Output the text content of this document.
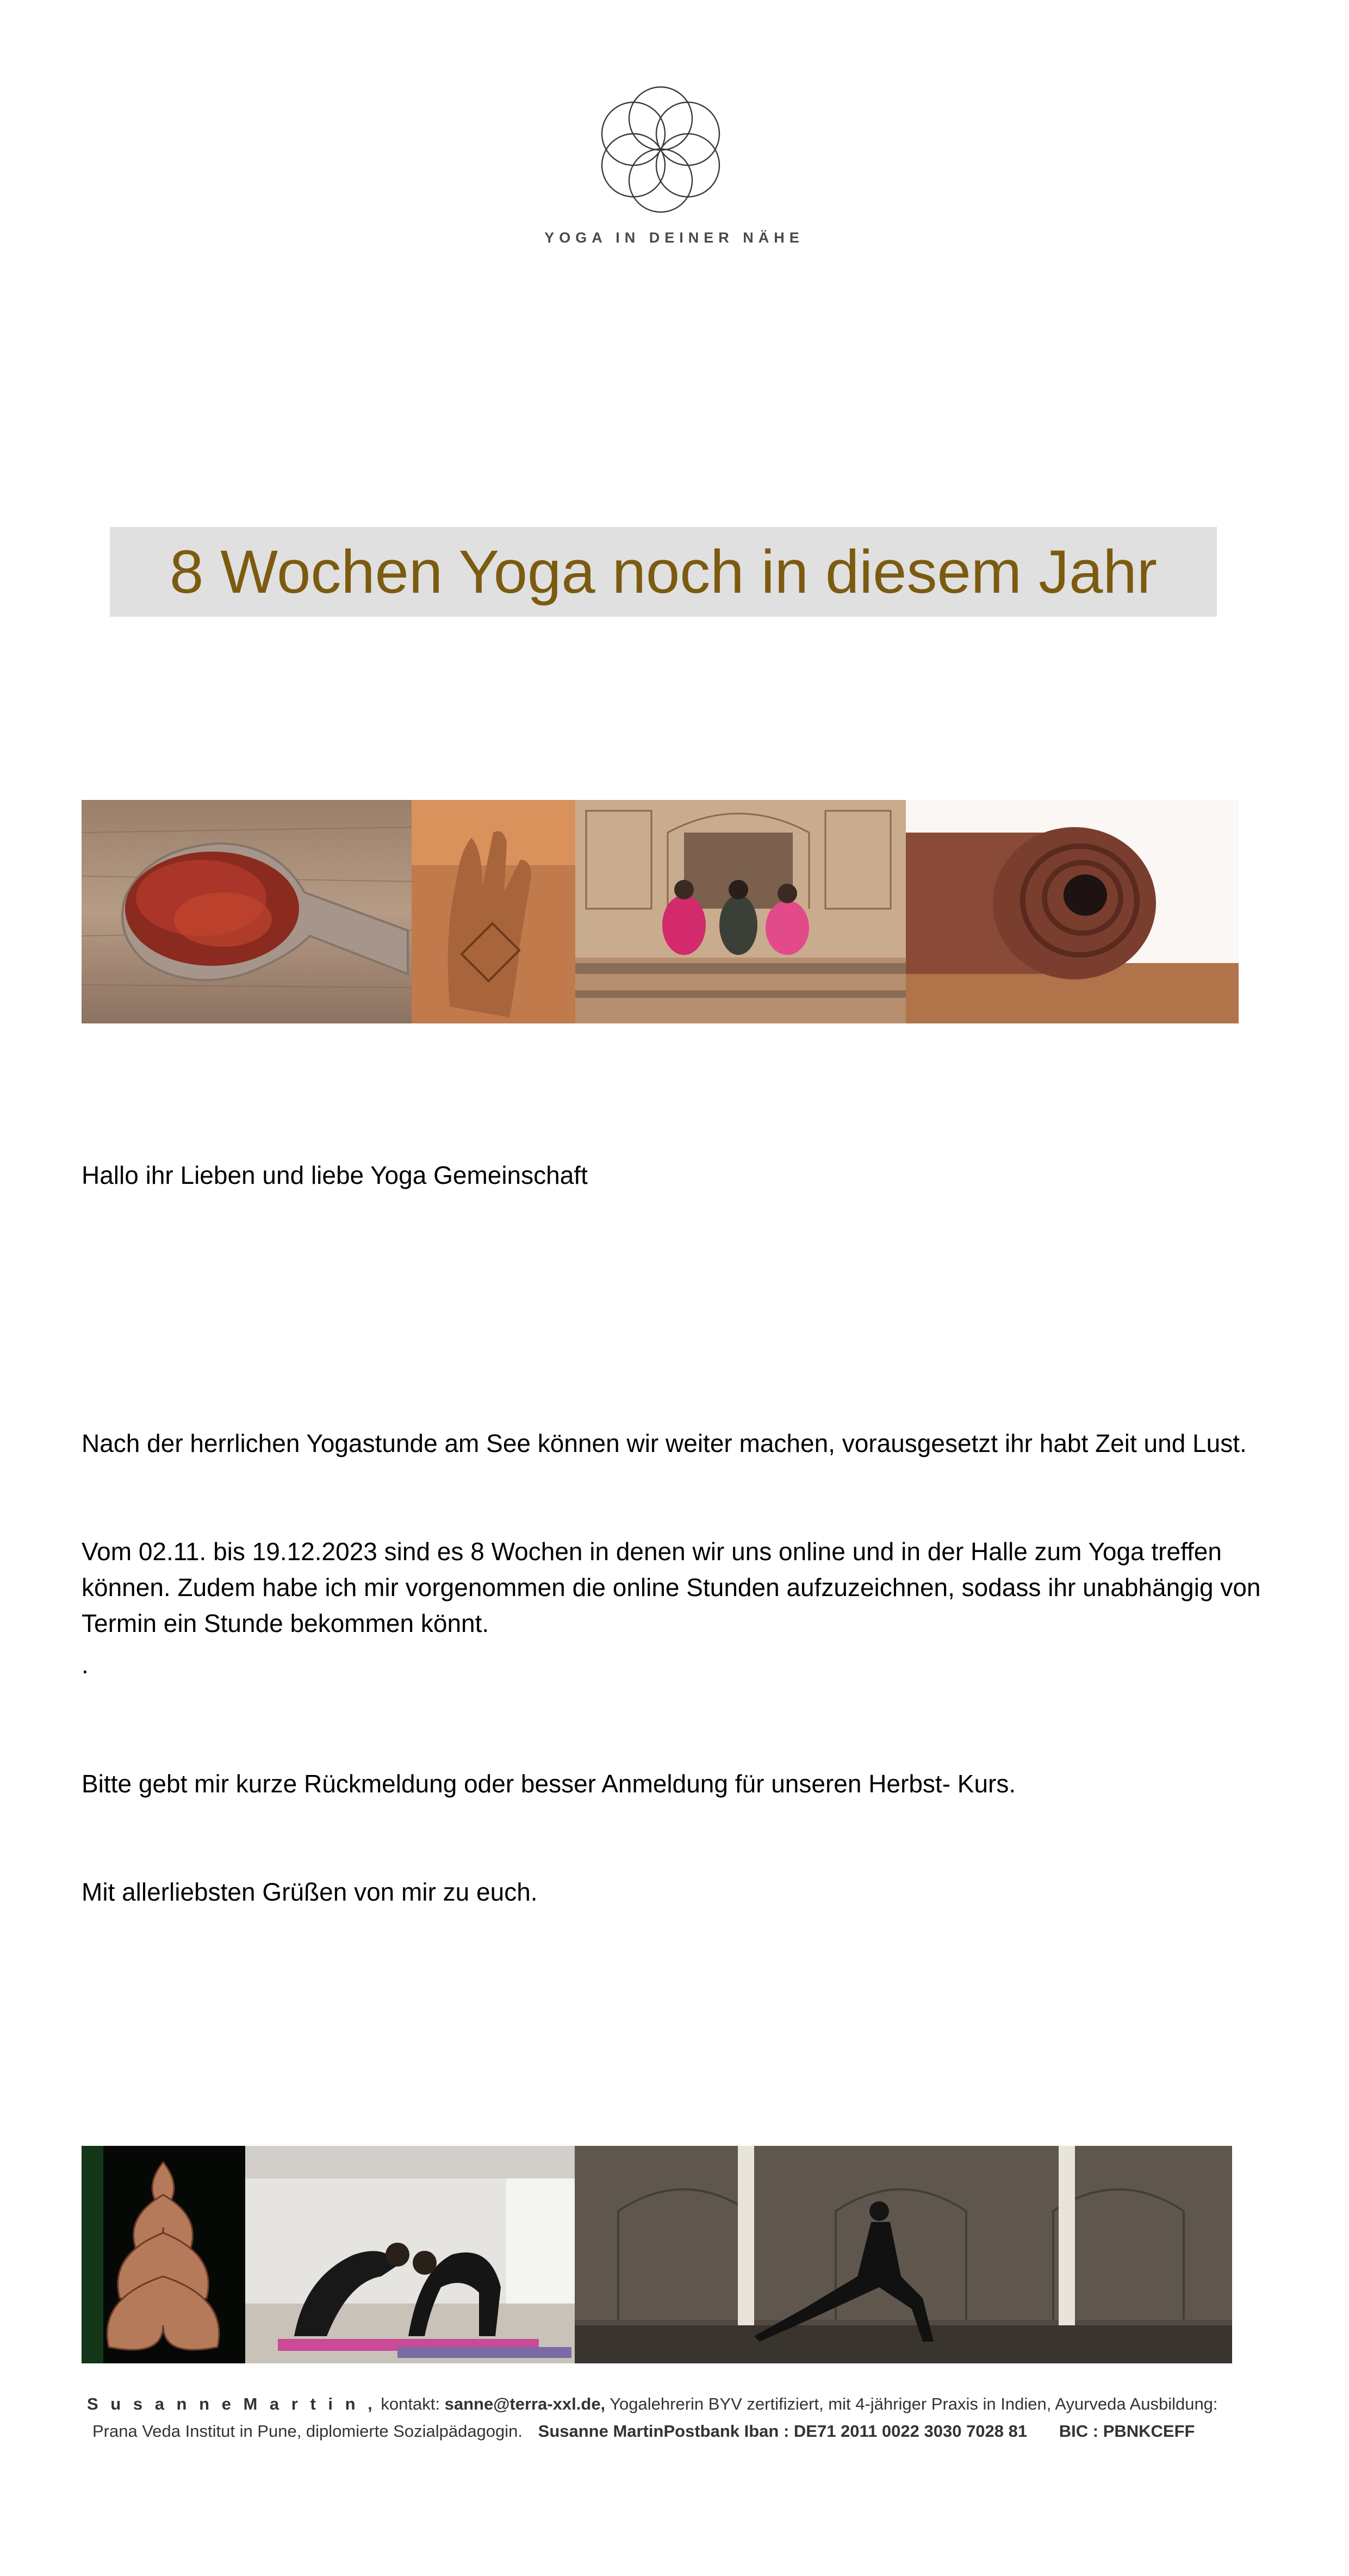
YOGA IN DEINER NÄHE
8 Wochen Yoga noch in diesem Jahr

Hallo ihr Lieben und liebe Yoga Gemeinschaft

Nach der herrlichen Yogastunde am See können wir weiter machen, vorausgesetzt ihr habt Zeit und Lust.

Vom 02.11. bis 19.12.2023 sind es 8 Wochen in denen wir uns online und in der Halle zum Yoga treffen
können. Zudem habe ich mir vorgenommen die online Stunden aufzuzeichnen, sodass ihr unabhängig von
Termin ein Stunde bekommen könnt.
.

Bitte gebt mir kurze Rückmeldung oder besser Anmeldung für unseren Herbst- Kurs.

Mit allerliebsten Grüßen von mir zu euch.

S u s a n n e M a r t i n , kontakt: sanne@terra-xxl.de, Yogalehrerin BYV zertifiziert, mit 4-jähriger Praxis in Indien, Ayurveda Ausbildung:
Prana Veda Institut in Pune, diplomierte Sozialpädagogin. Susanne MartinPostbank Iban : DE71 2011 0022 3030 7028 81 BIC : PBNKCEFF
